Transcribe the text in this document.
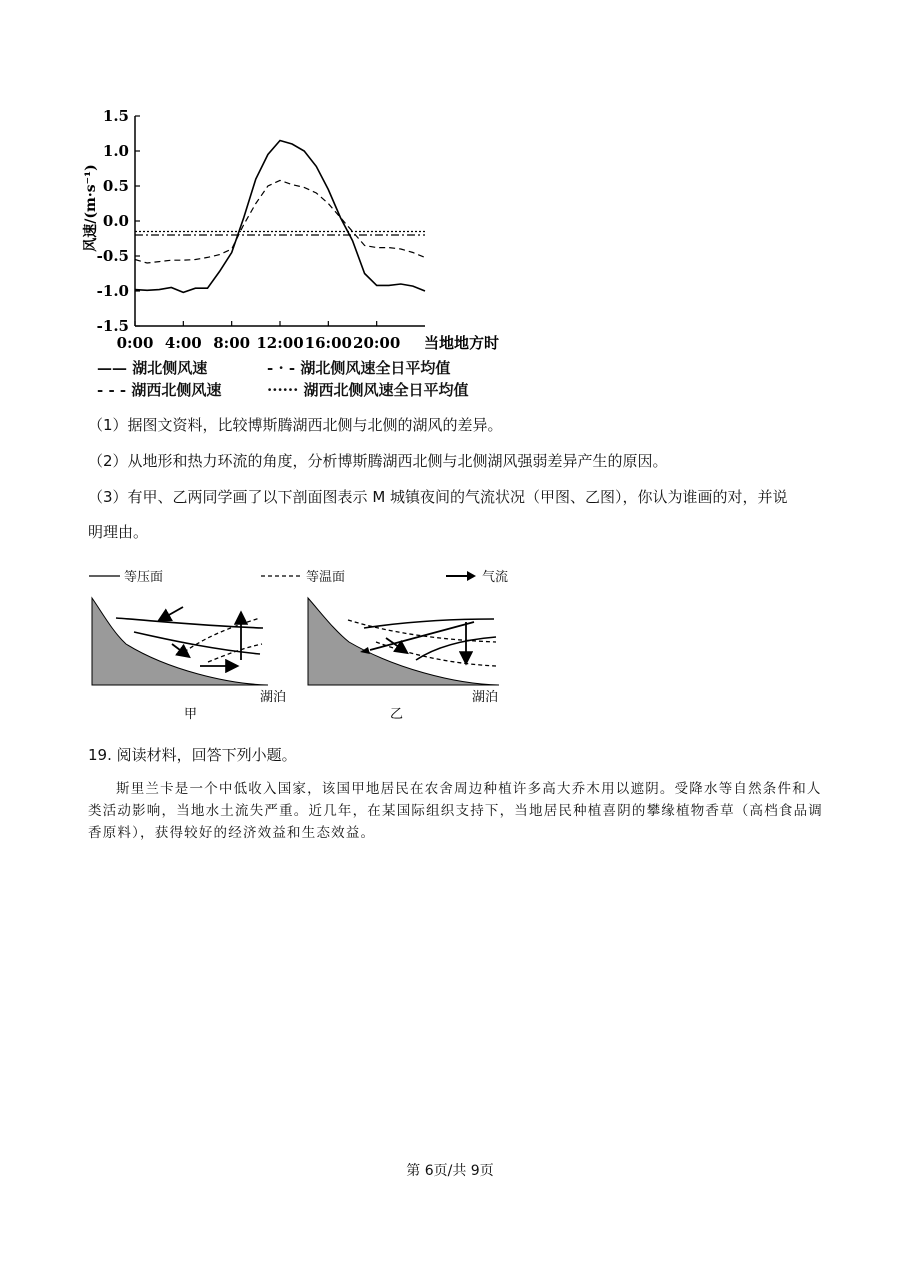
1.5
1.0
0.5
0.0
-0.5
-1.0
-1.5
0:00 4:00 8:00 12:00 16:00 20:00 当地地方时
风速/(m·s⁻¹)
—— 湖北侧风速	- · - 湖北侧风速全日平均值
- - - 湖西北侧风速	······ 湖西北侧风速全日平均值
（1）据图文资料，比较博斯腾湖西北侧与北侧的湖风的差异。
（2）从地形和热力环流的角度，分析博斯腾湖西北侧与北侧湖风强弱差异产生的原因。
（3）有甲、乙两同学画了以下剖面图表示 M 城镇夜间的气流状况（甲图、乙图），你认为谁画的对，并说
明理由。
等压面	等温面	气流
湖泊
甲
湖泊
乙
19. 阅读材料，回答下列小题。
斯里兰卡是一个中低收入国家，该国甲地居民在农舍周边种植许多高大乔木用以遮阴。受降水等自然条件和人类活动影响，当地水土流失严重。近几年，在某国际组织支持下，当地居民种植喜阴的攀缘植物香草（高档食品调香原料），获得较好的经济效益和生态效益。
第 6页/共 9页
